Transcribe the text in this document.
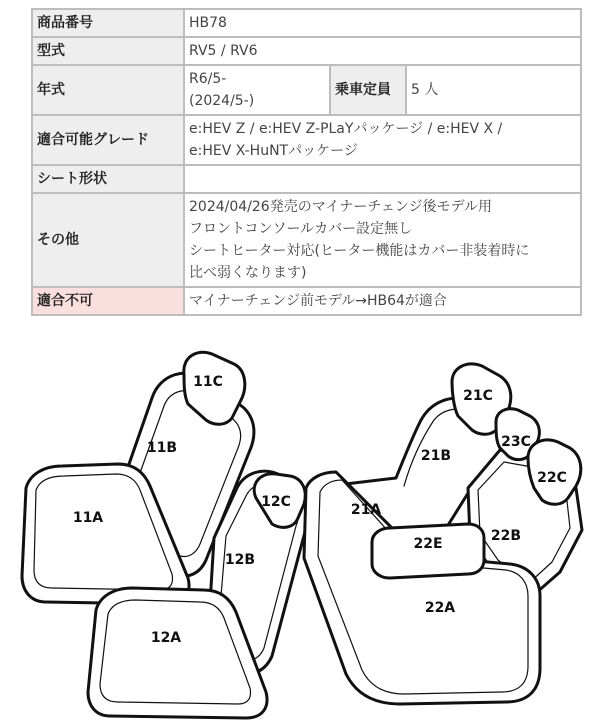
商品番号	HB78		
型式	RV5 / RV6		
年式	R6/5-
(2024/5-)	乗車定員	5 人
適合可能グレード	e:HEV Z / e:HEV Z-PLaYパッケージ / e:HEV X /
e:HEV X-HuNTパッケージ		

シート形状			
その他	2024/04/26発売のマイナーチェンジ後モデル用
フロントコンソールカバー設定無し
シートヒーター対応(ヒーター機能はカバー非装着時に
比べ弱くなります)		

適合不可	マイナーチェンジ前モデル→HB64が適合		
11C
11B
11A
12C
12B
12A
21C
23C
22C
21B
21A
22E	22B
22A
